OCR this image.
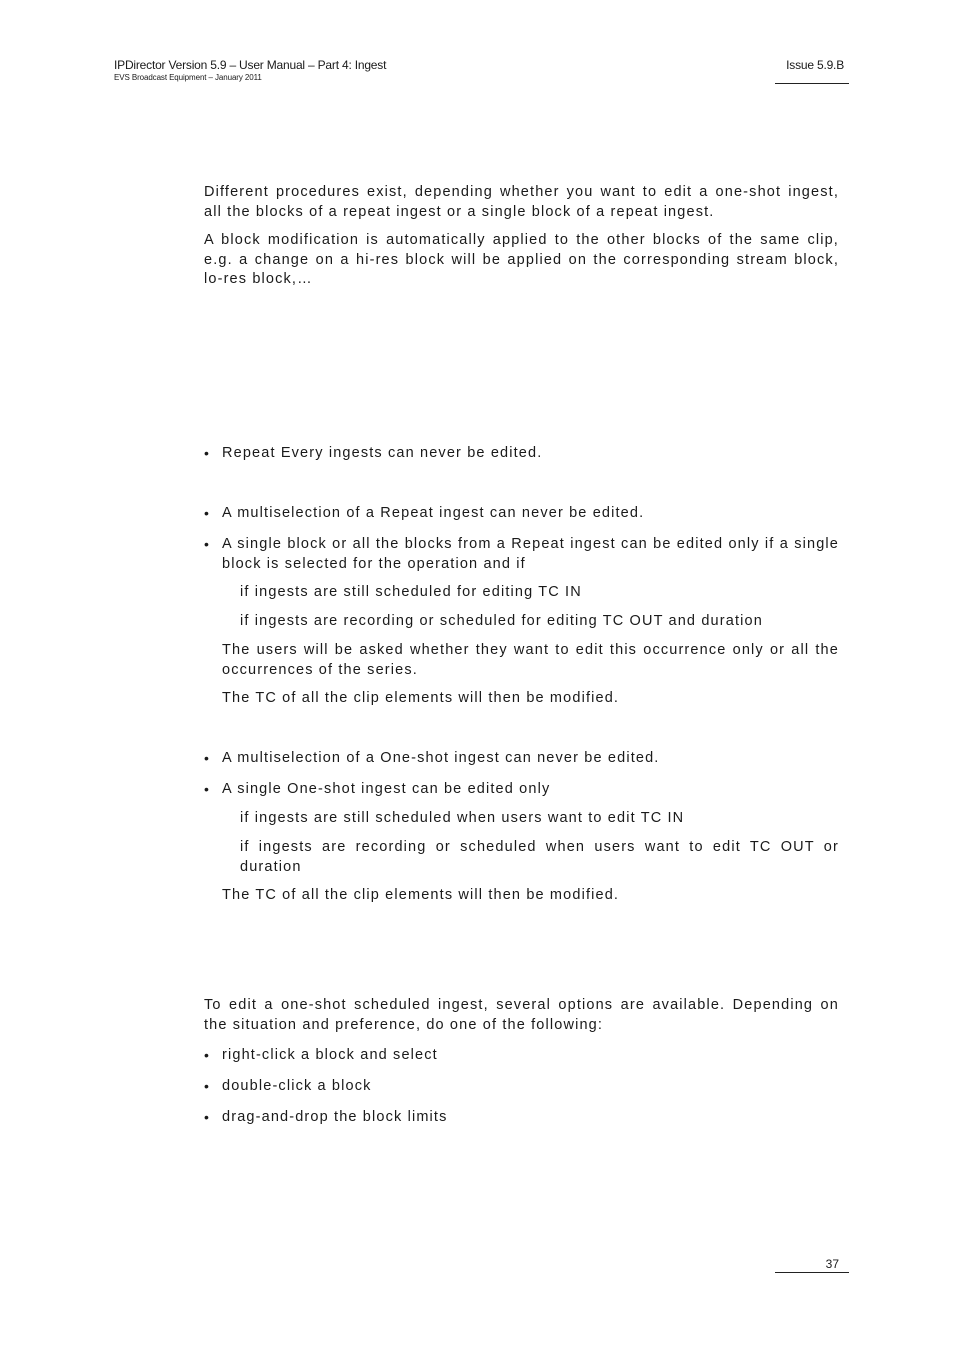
IPDirector Version 5.9 – User Manual – Part 4: Ingest
EVS Broadcast Equipment – January 2011
Issue 5.9.B

Different procedures exist, depending whether you want to edit a one-shot ingest, all the blocks of a repeat ingest or a single block of a repeat ingest.

A block modification is automatically applied to the other blocks of the same clip, e.g. a change on a hi-res block will be applied on the corresponding stream block, lo-res block,…

• Repeat Every ingests can never be edited.
• A multiselection of a Repeat ingest can never be edited.
• A single block or all the blocks from a Repeat ingest can be edited only if a single block is selected for the operation and if

if ingests are still scheduled for editing TC IN

if ingests are recording or scheduled for editing TC OUT and duration

The users will be asked whether they want to edit this occurrence only or all the occurrences of the series.

The TC of all the clip elements will then be modified.

• A multiselection of a One-shot ingest can never be edited.
• A single One-shot ingest can be edited only

if ingests are still scheduled when users want to edit TC IN

if ingests are recording or scheduled when users want to edit TC OUT or duration

The TC of all the clip elements will then be modified.

To edit a one-shot scheduled ingest, several options are available. Depending on the situation and preference, do one of the following:

• right-click a block and select
• double-click a block
• drag-and-drop the block limits
37
